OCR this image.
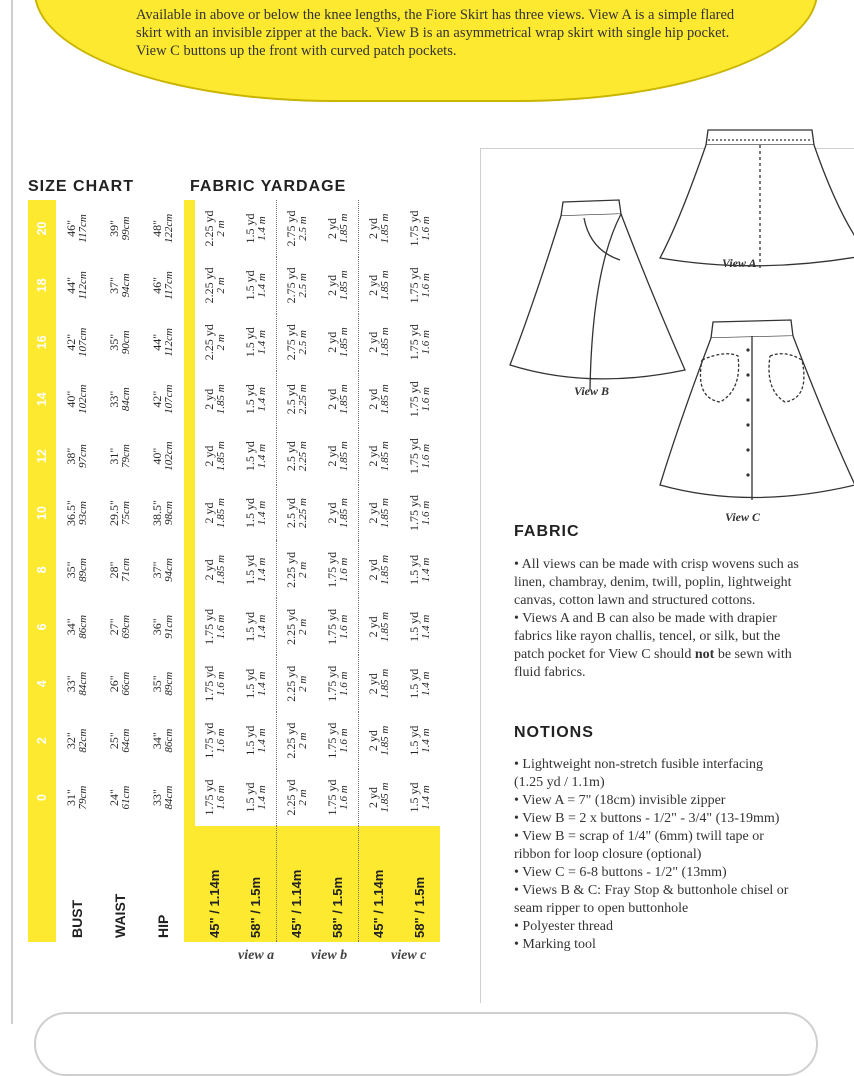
Available in above or below the knee lengths, the Fiore Skirt has three views. View A is a simple flared skirt with an invisible zipper at the back. View B is an asymmetrical wrap skirt with single hip pocket. View C buttons up the front with curved patch pockets.
SIZE CHART	FABRIC YARDAGE
	0	2	4	6	8	10	12	14	16	18	20
BUST	31" 79cm	32" 82cm	33" 84cm	34" 86cm	35" 89cm	36.5" 93cm	38" 97cm	40" 102cm	42" 107cm	44" 112cm	46" 117cm

WAIST	24" 61cm	25" 64cm	26" 66cm	27" 69cm	28" 71cm	29.5" 75cm	31" 79cm	33" 84cm	35" 90cm	37" 94cm	39" 99cm

HIP	33" 84cm	34" 86cm	35" 89cm	36" 91cm	37" 94cm	38.5" 98cm	40" 102cm	42" 107cm	44" 112cm	46" 117cm	48" 122cm

45" / 1.14m	1.75 yd 1.6 m	1.75 yd 1.6 m	1.75 yd 1.6 m	1.75 yd 1.6 m	2 yd 1.85 m	2 yd 1.85 m	2 yd 1.85 m	2 yd 1.85 m	2.25 yd 2 m	2.25 yd 2 m	2.25 yd 2 m

58" / 1.5m	1.5 yd 1.4 m	1.5 yd 1.4 m	1.5 yd 1.4 m	1.5 yd 1.4 m	1.5 yd 1.4 m	1.5 yd 1.4 m	1.5 yd 1.4 m	1.5 yd 1.4 m	1.5 yd 1.4 m	1.5 yd 1.4 m	1.5 yd 1.4 m

45" / 1.14m	2.25 yd 2 m	2.25 yd 2 m	2.25 yd 2 m	2.25 yd 2 m	2.25 yd 2 m	2.5 yd 2.25 m	2.5 yd 2.25 m	2.5 yd 2.25 m	2.75 yd 2.5 m	2.75 yd 2.5 m	2.75 yd 2.5 m

58" / 1.5m	1.75 yd 1.6 m	1.75 yd 1.6 m	1.75 yd 1.6 m	1.75 yd 1.6 m	1.75 yd 1.6 m	2 yd 1.85 m	2 yd 1.85 m	2 yd 1.85 m	2 yd 1.85 m	2 yd 1.85 m	2 yd 1.85 m

45" / 1.14m	2 yd 1.85 m	2 yd 1.85 m	2 yd 1.85 m	2 yd 1.85 m	2 yd 1.85 m	2 yd 1.85 m	2 yd 1.85 m	2 yd 1.85 m	2 yd 1.85 m	2 yd 1.85 m	2 yd 1.85 m

58" / 1.5m	1.5 yd 1.4 m	1.5 yd 1.4 m	1.5 yd 1.4 m	1.5 yd 1.4 m	1.5 yd 1.4 m	1.75 yd 1.6 m	1.75 yd 1.6 m	1.75 yd 1.6 m	1.75 yd 1.6 m	1.75 yd 1.6 m	1.75 yd 1.6 m
view a	view b	view c
View A
View B
View C
FABRIC
• All views can be made with crisp wovens such as linen, chambray, denim, twill, poplin, lightweight canvas, cotton lawn and structured cottons.
• Views A and B can also be made with drapier fabrics like rayon challis, tencel, or silk, but the patch pocket for View C should not be sewn with fluid fabrics.
NOTIONS
• Lightweight non-stretch fusible interfacing (1.25 yd / 1.1m)
• View A = 7" (18cm) invisible zipper
• View B = 2 x buttons - 1/2" - 3/4" (13-19mm)
• View B = scrap of 1/4" (6mm) twill tape or ribbon for loop closure (optional)
• View C = 6-8 buttons - 1/2" (13mm)
• Views B & C: Fray Stop & buttonhole chisel or seam ripper to open buttonhole
• Polyester thread
• Marking tool
